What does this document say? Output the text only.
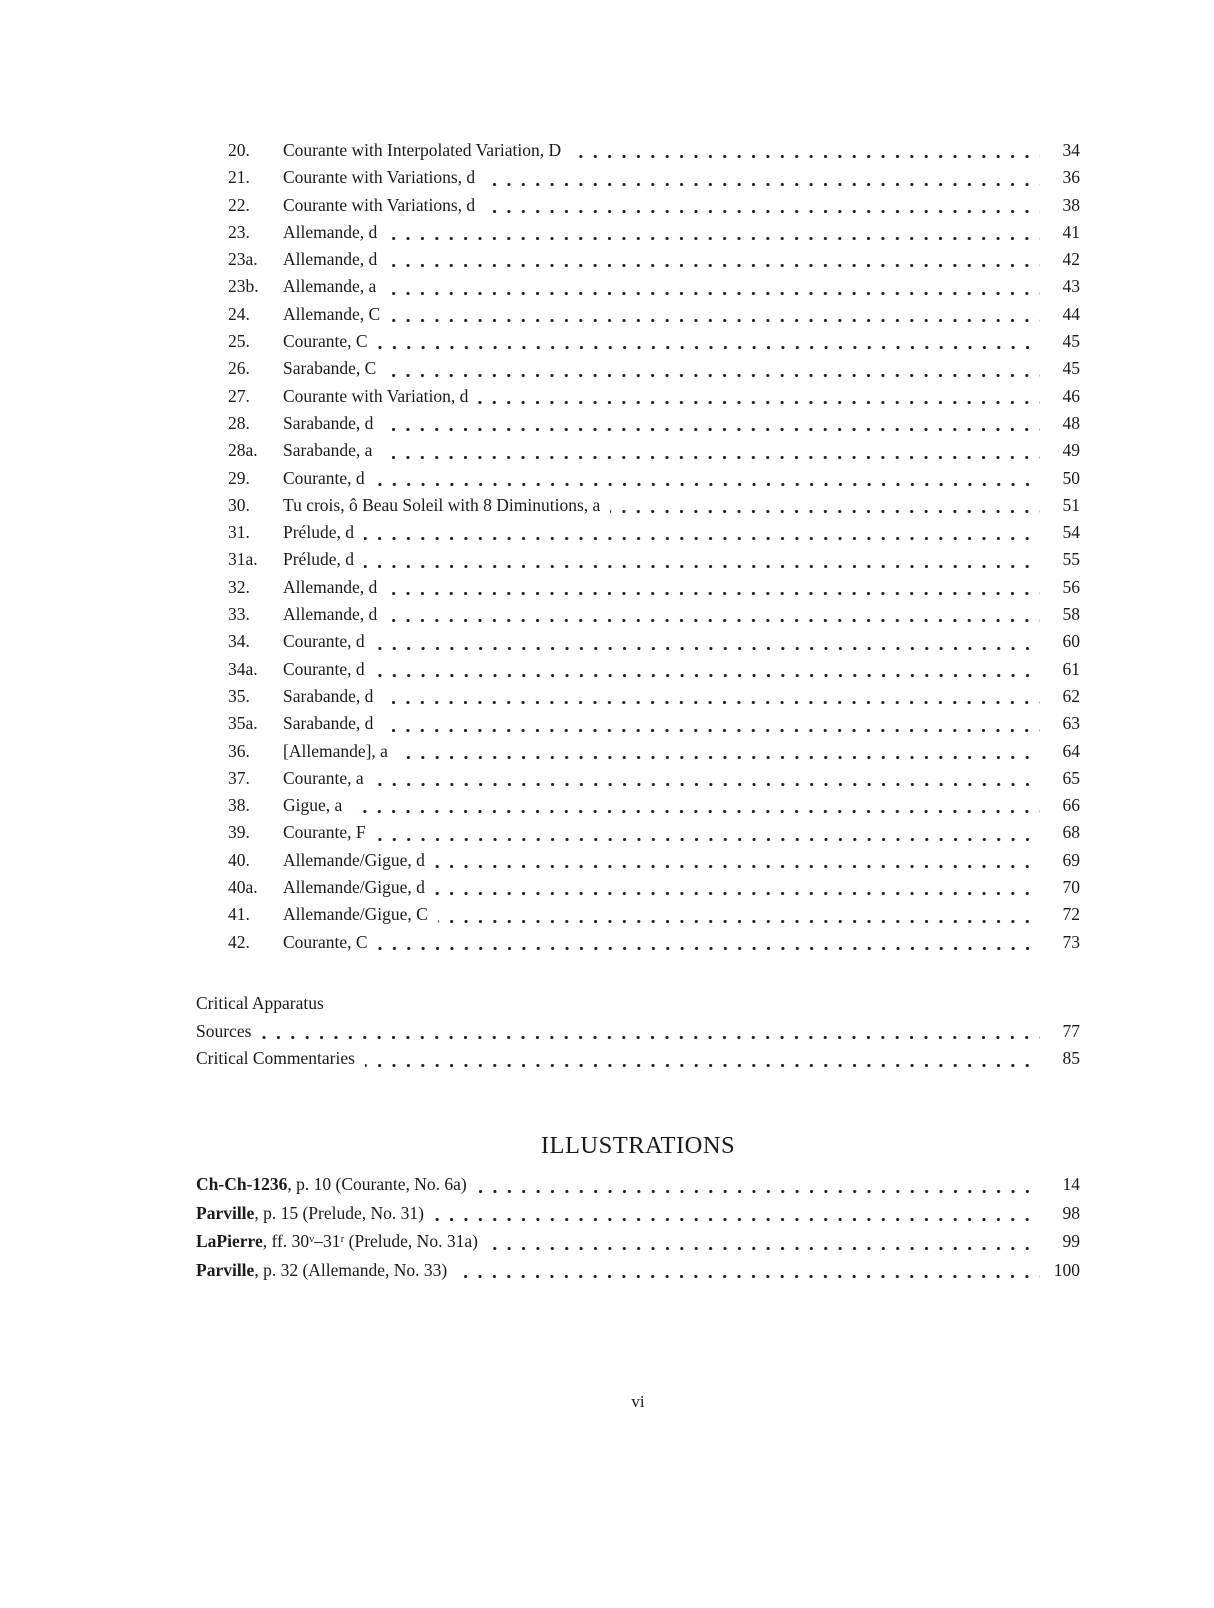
20.	Courante with Interpolated Variation, D	34
21.	Courante with Variations, d	36
22.	Courante with Variations, d	38
23.	Allemande, d	41
23a.	Allemande, d	42
23b.	Allemande, a	43
24.	Allemande, C	44
25.	Courante, C	45
26.	Sarabande, C	45
27.	Courante with Variation, d	46
28.	Sarabande, d	48
28a.	Sarabande, a	49
29.	Courante, d	50
30.	Tu crois, ô Beau Soleil with 8 Diminutions, a	51
31.	Prélude, d	54
31a.	Prélude, d	55
32.	Allemande, d	56
33.	Allemande, d	58
34.	Courante, d	60
34a.	Courante, d	61
35.	Sarabande, d	62
35a.	Sarabande, d	63
36.	[Allemande], a	64
37.	Courante, a	65
38.	Gigue, a	66
39.	Courante, F	68
40.	Allemande/Gigue, d	69
40a.	Allemande/Gigue, d	70
41.	Allemande/Gigue, C	72
42.	Courante, C	73
Critical Apparatus
Sources	77
Critical Commentaries	85
ILLUSTRATIONS
Ch-Ch-1236 , p. 10 (Courante, No. 6a)	14
Parville , p. 15 (Prelude, No. 31)	98
LaPierre , ff. 30ᵛ–31ʳ (Prelude, No. 31a)	99
Parville , p. 32 (Allemande, No. 33)	100
vi
